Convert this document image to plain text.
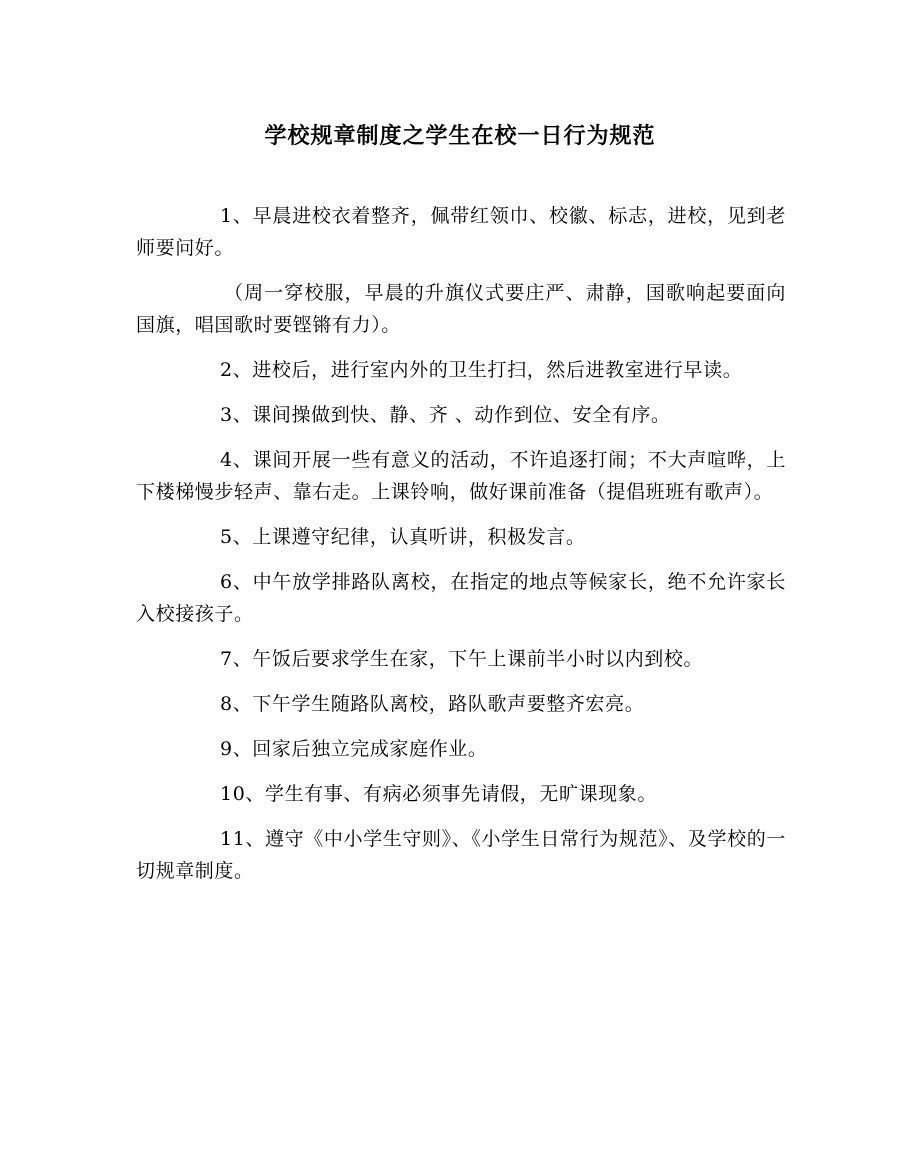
学校规章制度之学生在校一日行为规范

1、早晨进校衣着整齐，佩带红领巾、校徽、标志，进校，见到老师要问好。

（周一穿校服，早晨的升旗仪式要庄严、肃静，国歌响起要面向国旗，唱国歌时要铿锵有力）。

2、进校后，进行室内外的卫生打扫，然后进教室进行早读。

3、课间操做到快、静、齐 、动作到位、安全有序。

4、课间开展一些有意义的活动，不许追逐打闹；不大声喧哗，上下楼梯慢步轻声、靠右走。上课铃响，做好课前准备（提倡班班有歌声）。

5、上课遵守纪律，认真听讲，积极发言。

6、中午放学排路队离校，在指定的地点等候家长，绝不允许家长入校接孩子。

7、午饭后要求学生在家，下午上课前半小时以内到校。

8、下午学生随路队离校，路队歌声要整齐宏亮。

9、回家后独立完成家庭作业。

10、学生有事、有病必须事先请假，无旷课现象。

11、遵守《中小学生守则》、《小学生日常行为规范》、及学校的一切规章制度。
